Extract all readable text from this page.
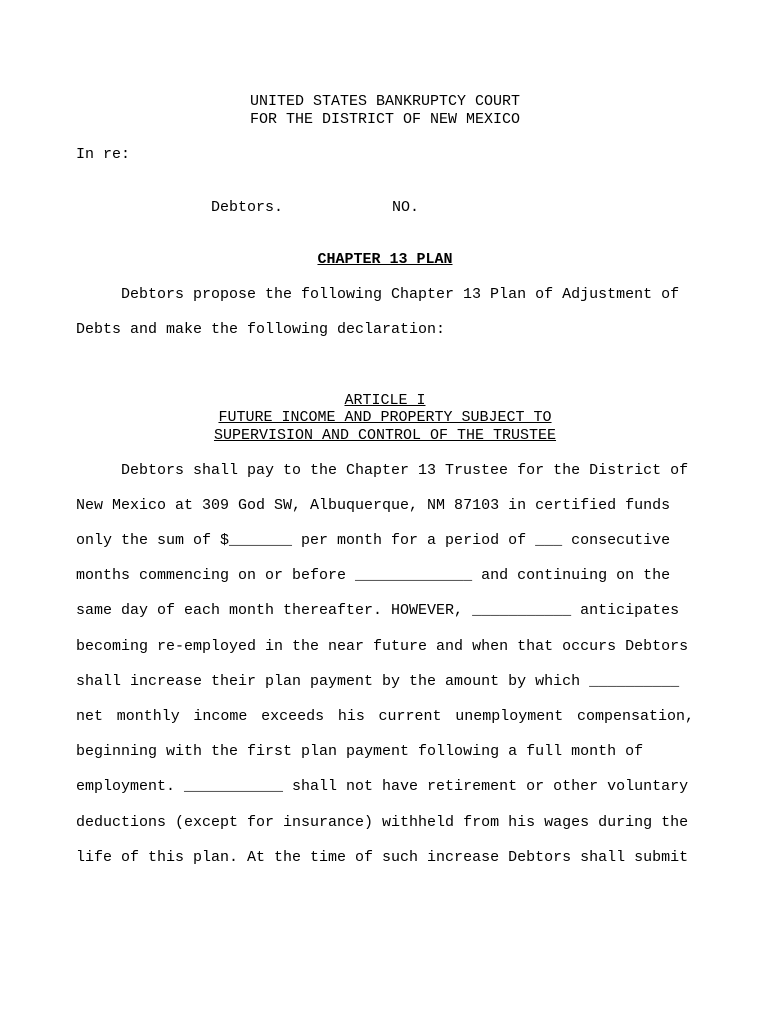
UNITED STATES BANKRUPTCY COURT
FOR THE DISTRICT OF NEW MEXICO
In re:
Debtors.	NO.
CHAPTER 13 PLAN
Debtors propose the following Chapter 13 Plan of Adjustment of
Debts and make the following declaration:
ARTICLE I
FUTURE INCOME AND PROPERTY SUBJECT TO
SUPERVISION AND CONTROL OF THE TRUSTEE
Debtors shall pay to the Chapter 13 Trustee for the District of
New Mexico at 309 God SW, Albuquerque, NM 87103 in certified funds
only the sum of $_______ per month for a period of ___ consecutive
months commencing on or before _____________ and continuing on the
same day of each month thereafter. HOWEVER, ___________ anticipates
becoming re-employed in the near future and when that occurs Debtors
shall increase their plan payment by the amount by which __________
net monthly income exceeds his current unemployment compensation,
beginning with the first plan payment following a full month of
employment. ___________ shall not have retirement or other voluntary
deductions (except for insurance) withheld from his wages during the
life of this plan. At the time of such increase Debtors shall submit
